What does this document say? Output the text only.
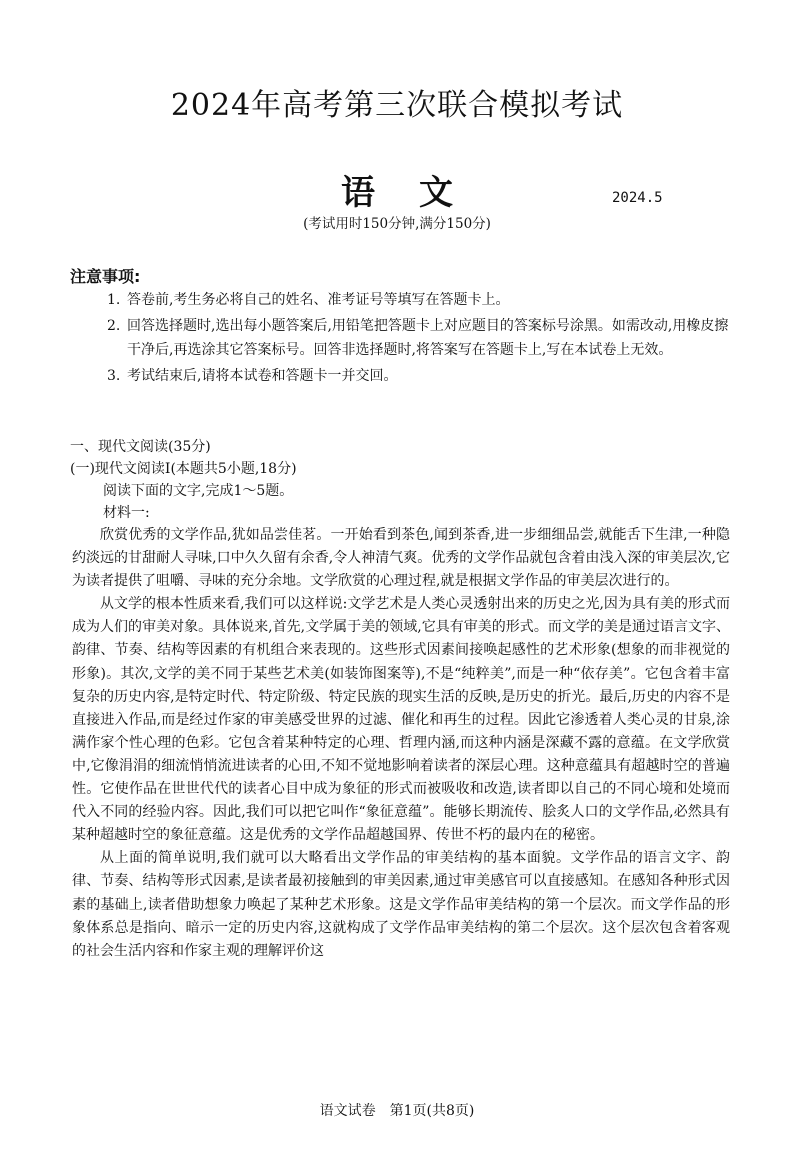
2024年高考第三次联合模拟考试
语文	2024.5
(考试用时150分钟,满分150分)
注意事项:
1. 答卷前,考生务必将自己的姓名、准考证号等填写在答题卡上。
2. 回答选择题时,选出每小题答案后,用铅笔把答题卡上对应题目的答案标号涂黑。如需改动,用橡皮擦干净后,再选涂其它答案标号。回答非选择题时,将答案写在答题卡上,写在本试卷上无效。
3. 考试结束后,请将本试卷和答题卡一并交回。
一、现代文阅读(35分)
(一)现代文阅读Ⅰ(本题共5小题,18分)
阅读下面的文字,完成1～5题。
材料一:

欣赏优秀的文学作品,犹如品尝佳茗。一开始看到茶色,闻到茶香,进一步细细品尝,就能舌下生津,一种隐约淡远的甘甜耐人寻味,口中久久留有余香,令人神清气爽。优秀的文学作品就包含着由浅入深的审美层次,它为读者提供了咀嚼、寻味的充分余地。文学欣赏的心理过程,就是根据文学作品的审美层次进行的。

从文学的根本性质来看,我们可以这样说:文学艺术是人类心灵透射出来的历史之光,因为具有美的形式而成为人们的审美对象。具体说来,首先,文学属于美的领域,它具有审美的形式。而文学的美是通过语言文字、韵律、节奏、结构等因素的有机组合来表现的。这些形式因素间接唤起感性的艺术形象(想象的而非视觉的形象)。其次,文学的美不同于某些艺术美(如装饰图案等),不是“纯粹美”,而是一种“依存美”。它包含着丰富复杂的历史内容,是特定时代、特定阶级、特定民族的现实生活的反映,是历史的折光。最后,历史的内容不是直接进入作品,而是经过作家的审美感受世界的过滤、催化和再生的过程。因此它渗透着人类心灵的甘泉,涂满作家个性心理的色彩。它包含着某种特定的心理、哲理内涵,而这种内涵是深藏不露的意蕴。在文学欣赏中,它像涓涓的细流悄悄流进读者的心田,不知不觉地影响着读者的深层心理。这种意蕴具有超越时空的普遍性。它使作品在世世代代的读者心目中成为象征的形式而被吸收和改造,读者即以自己的不同心境和处境而代入不同的经验内容。因此,我们可以把它叫作“象征意蕴”。能够长期流传、脍炙人口的文学作品,必然具有某种超越时空的象征意蕴。这是优秀的文学作品超越国界、传世不朽的最内在的秘密。

从上面的简单说明,我们就可以大略看出文学作品的审美结构的基本面貌。文学作品的语言文字、韵律、节奏、结构等形式因素,是读者最初接触到的审美因素,通过审美感官可以直接感知。在感知各种形式因素的基础上,读者借助想象力唤起了某种艺术形象。这是文学作品审美结构的第一个层次。而文学作品的形象体系总是指向、暗示一定的历史内容,这就构成了文学作品审美结构的第二个层次。这个层次包含着客观的社会生活内容和作家主观的理解评价这

语文试卷　第1页(共8页)
